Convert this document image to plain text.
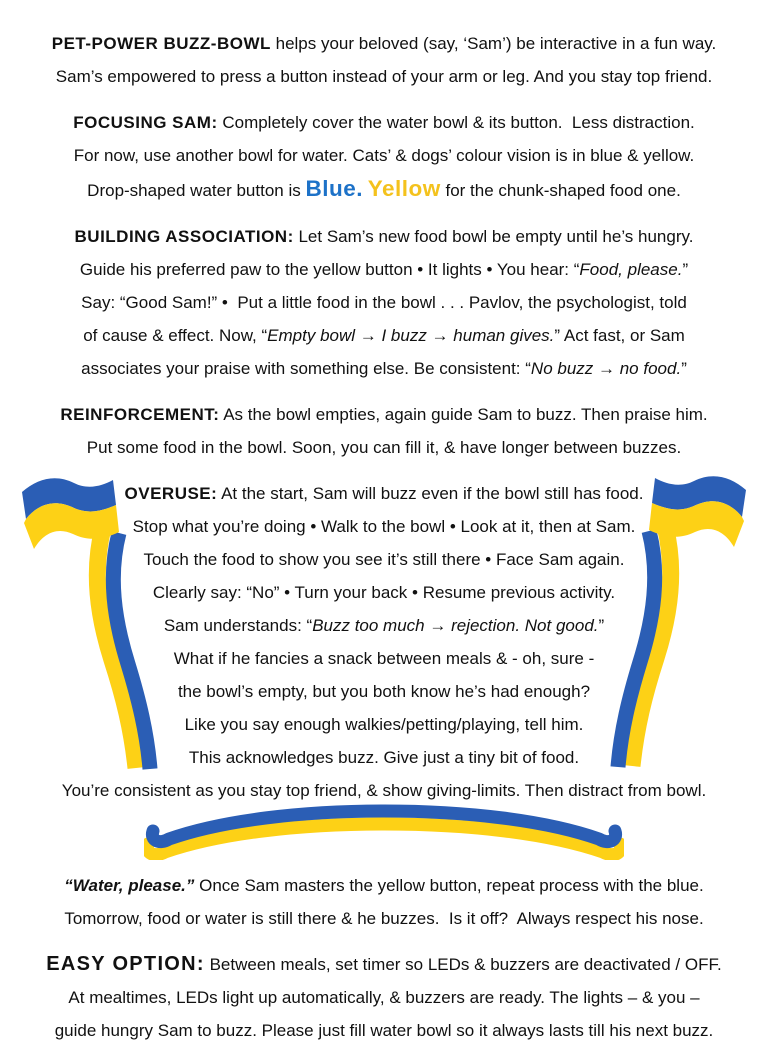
PET-POWER BUZZ-BOWL helps your beloved (say, ‘Sam’) be interactive in a fun way.
Sam’s empowered to press a button instead of your arm or leg. And you stay top friend.
FOCUSING SAM: Completely cover the water bowl & its button.  Less distraction.
For now, use another bowl for water. Cats’ & dogs’ colour vision is in blue & yellow.
Drop-shaped water button is Blue. Yellow for the chunk-shaped food one.
BUILDING ASSOCIATION: Let Sam’s new food bowl be empty until he’s hungry.
Guide his preferred paw to the yellow button • It lights • You hear: “Food, please.”
Say: “Good Sam!” •  Put a little food in the bowl . . . Pavlov, the psychologist, told
of cause & effect. Now, “Empty bowl → I buzz → human gives.” Act fast, or Sam
associates your praise with something else. Be consistent: “No buzz → no food.”
REINFORCEMENT: As the bowl empties, again guide Sam to buzz. Then praise him.
Put some food in the bowl. Soon, you can fill it, & have longer between buzzes.
OVERUSE: At the start, Sam will buzz even if the bowl still has food.
Stop what you’re doing • Walk to the bowl • Look at it, then at Sam.
Touch the food to show you see it’s still there • Face Sam again.
Clearly say: “No” • Turn your back • Resume previous activity.
Sam understands: “Buzz too much → rejection. Not good.”
What if he fancies a snack between meals & - oh, sure -
the bowl’s empty, but you both know he’s had enough?
Like you say enough walkies/petting/playing, tell him.
This acknowledges buzz. Give just a tiny bit of food.
You’re consistent as you stay top friend, & show giving-limits. Then distract from bowl.
“Water, please.” Once Sam masters the yellow button, repeat process with the blue.
Tomorrow, food or water is still there & he buzzes.  Is it off?  Always respect his nose.
EASY OPTION: Between meals, set timer so LEDs & buzzers are deactivated / OFF.
At mealtimes, LEDs light up automatically, & buzzers are ready. The lights – & you –
guide hungry Sam to buzz. Please just fill water bowl so it always lasts till his next buzz.
